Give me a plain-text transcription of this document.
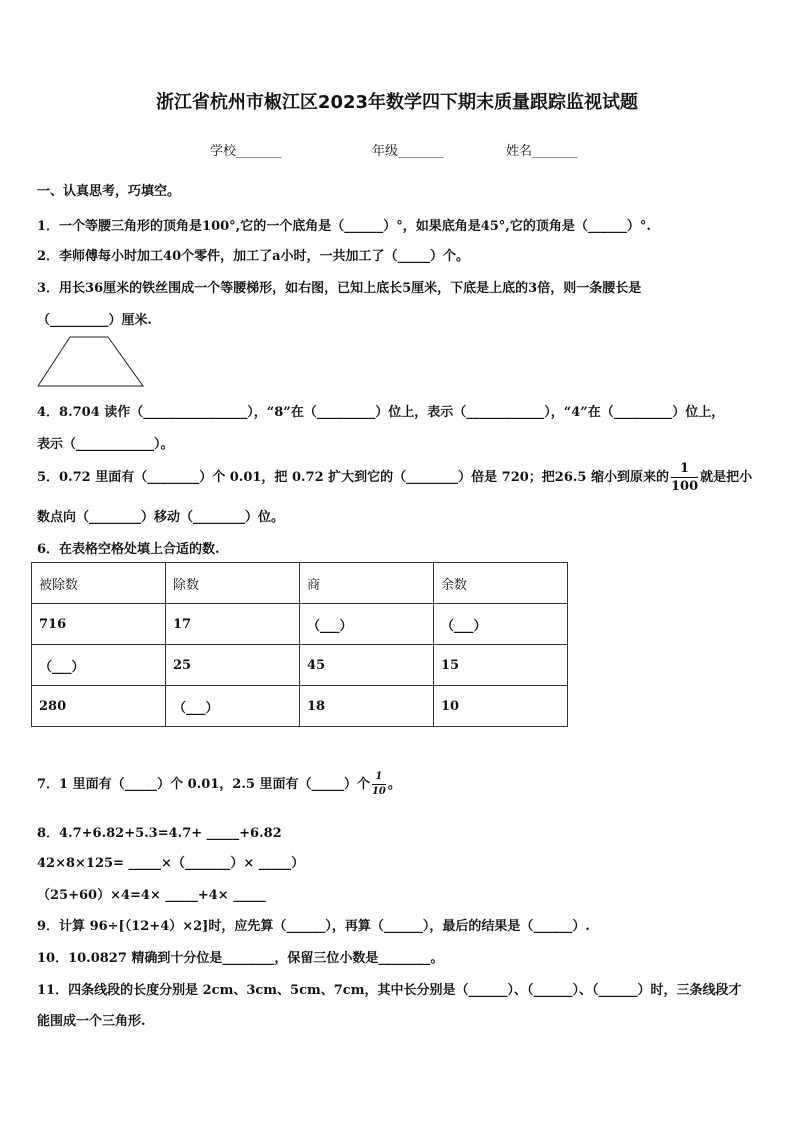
浙江省杭州市椒江区2023年数学四下期末质量跟踪监视试题
学校_______	年级_______	姓名_______
一、认真思考，巧填空。
1．一个等腰三角形的顶角是100°,它的一个底角是（______）°，如果底角是45°,它的顶角是（______）°.
2．李师傅每小时加工40个零件，加工了a小时，一共加工了（_____）个。
3．用长36厘米的铁丝围成一个等腰梯形，如右图，已知上底长5厘米，下底是上底的3倍，则一条腰长是
（_________）厘米.
4．8.704 读作（________________），“8”在（_________）位上，表示（____________），“4”在（_________）位上，
表示（____________）。
5．0.72 里面有（________）个 0.01，把 0.72 扩大到它的（________）倍是 720；把26.5 缩小到原来的 $\frac{1}{100}$ 就是把小
数点向（________）移动（________）位。
6．在表格空格处填上合适的数.
被除数	除数	商	余数
716	17	（___）	（___）
（___）	25	45	15
280	（___）	18	10
7．1 里面有（_____）个 0.01，2.5 里面有（_____）个 $\frac{1}{10}$ 。
8．4.7+6.82+5.3=4.7+ _____+6.82
42×8×125= _____×（_______）× _____）
（25+60）×4=4× _____+4× _____
9．计算 96÷[（12+4）×2]时，应先算（______），再算（______），最后的结果是（______）.
10．10.0827 精确到十分位是________，保留三位小数是________。
11．四条线段的长度分别是 2cm、3cm、5cm、7cm，其中长分别是（______）、（______）、（______）时，三条线段才
能围成一个三角形.
